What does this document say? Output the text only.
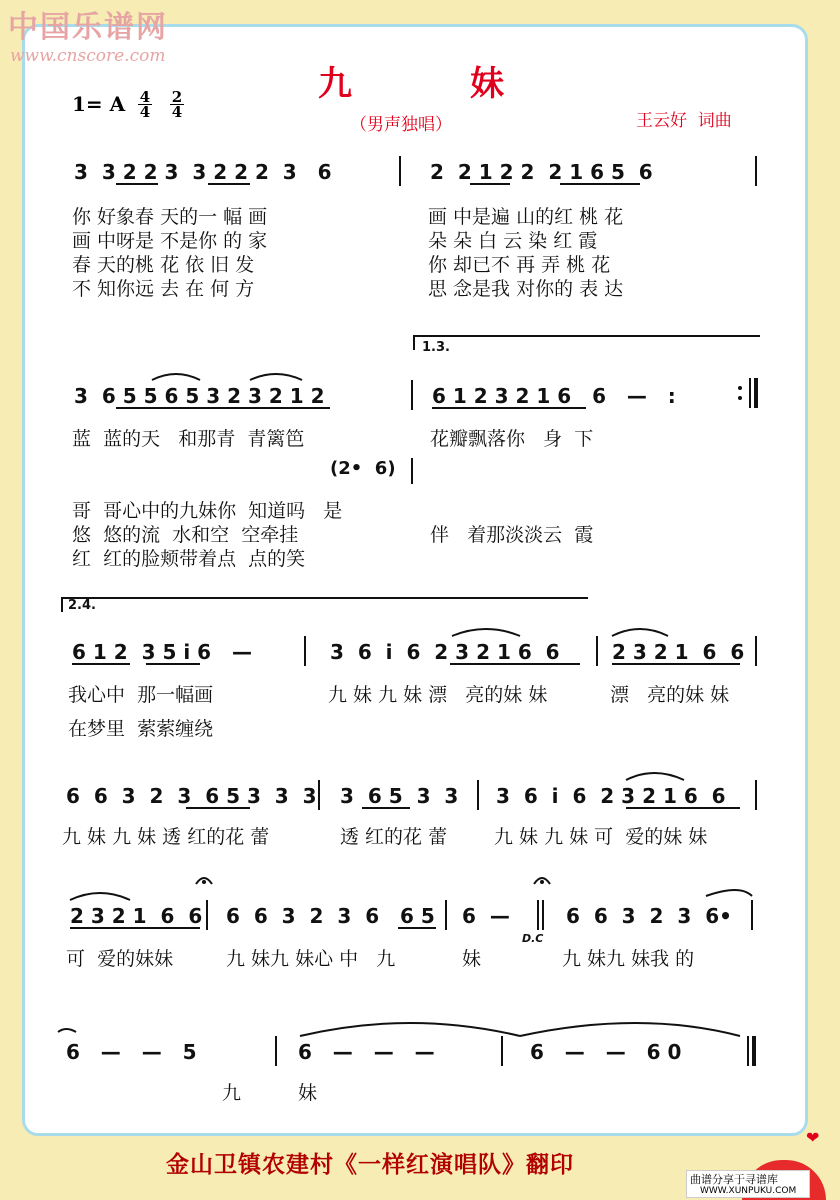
中国乐谱网
www.cnscore.com
九	妹
1= A $\frac{4}{4} \frac{2}{4}$
（男声独唱）	王云好  词曲
3  3 2 2 3  3 2 2 2  3   6	2  2 1 2 2  2 1 6 5  6
你 好象春 天的一 幅 画
画 中呀是 不是你 的 家
春 天的桃 花 依 旧 发
不 知你远 去 在 何 方
画 中是遍 山的红 桃 花
朵 朵 白 云 染 红 霞
你 却已不 再 弄 桃 花
思 念是我 对你的 表 达
1.3.
3  6 5 5 6 5 3 2 3 2 1 2	6 1 2 3 2 1 6   6   —   :
蓝  蓝的天   和那青  青篱笆	花瓣飘落你   身  下
(2•  6)
哥  哥心中的九妹你  知道吗   是
悠  悠的流  水和空  空牵挂
红  红的脸颊带着点  点的笑
伴   着那淡淡云  霞
2.4.
6 1 2  3 5 i 6   —	3  6  i  6  2 3 2 1 6  6	2 3 2 1  6  6
我心中  那一幅画
在梦里  萦萦缠绕
九 妹 九 妹 漂   亮的妹 妹	漂   亮的妹 妹
6  6  3  2  3  6 5 3  3  3 3  6 5  3  3 3  6  i  6  2 3 2 1 6  6
九 妹 九 妹 透 红的花 蕾	透 红的花 蕾 九 妹 九 妹 可  爱的妹 妹
2 3 2 1  6  6 6  6  3  2  3  6   6 5 6  —	6  6  3  2  3  6•
D.C
可  爱的妹妹	九 妹九 妹心 中   九	妹	九 妹九 妹我 的
6   —   —   5	6   —   —   —	6   —   —   6 0
九	妹
金山卫镇农建村《一样红演唱队》翻印
❤
曲谱分享于寻谱库
WWW.XUNPUKU.COM
